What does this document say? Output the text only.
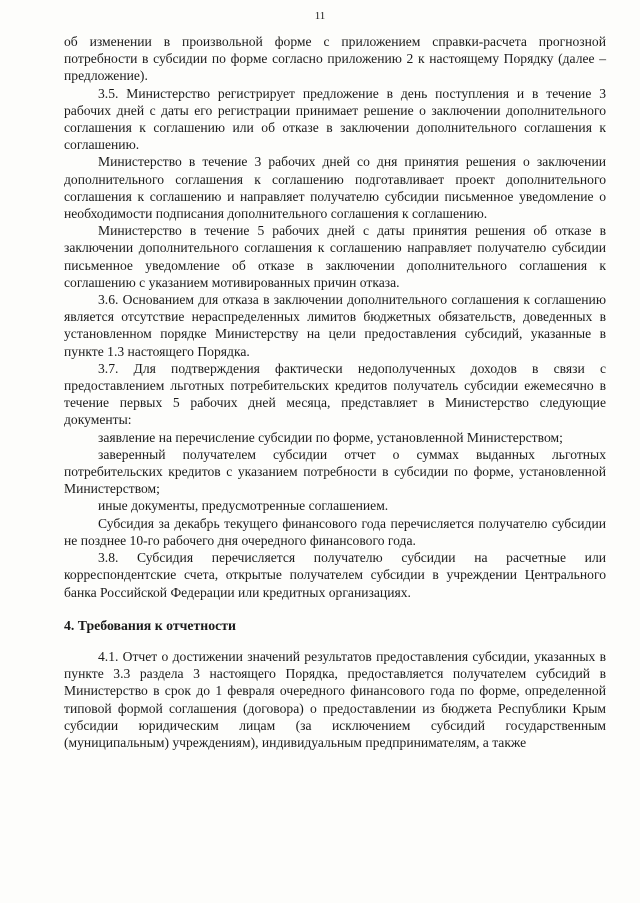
11

об изменении в произвольной форме с приложением справки-расчета прогнозной потребности в субсидии по форме согласно приложению 2 к настоящему Порядку (далее – предложение).

3.5. Министерство регистрирует предложение в день поступления и в течение 3 рабочих дней с даты его регистрации принимает решение о заключении дополнительного соглашения к соглашению или об отказе в заключении дополнительного соглашения к соглашению.

Министерство в течение 3 рабочих дней со дня принятия решения о заключении дополнительного соглашения к соглашению подготавливает проект дополнительного соглашения к соглашению и направляет получателю субсидии письменное уведомление о необходимости подписания дополнительного соглашения к соглашению.

Министерство в течение 5 рабочих дней с даты принятия решения об отказе в заключении дополнительного соглашения к соглашению направляет получателю субсидии письменное уведомление об отказе в заключении дополнительного соглашения к соглашению с указанием мотивированных причин отказа.

3.6. Основанием для отказа в заключении дополнительного соглашения к соглашению является отсутствие нераспределенных лимитов бюджетных обязательств, доведенных в установленном порядке Министерству на цели предоставления субсидий, указанные в пункте 1.3 настоящего Порядка.

3.7. Для подтверждения фактически недополученных доходов в связи с предоставлением льготных потребительских кредитов получатель субсидии ежемесячно в течение первых 5 рабочих дней месяца, представляет в Министерство следующие документы:

заявление на перечисление субсидии по форме, установленной Министерством;

заверенный получателем субсидии отчет о суммах выданных льготных потребительских кредитов с указанием потребности в субсидии по форме, установленной Министерством;

иные документы, предусмотренные соглашением.

Субсидия за декабрь текущего финансового года перечисляется получателю субсидии не позднее 10-го рабочего дня очередного финансового года.

3.8. Субсидия перечисляется получателю субсидии на расчетные или корреспондентские счета, открытые получателем субсидии в учреждении Центрального банка Российской Федерации или кредитных организациях.

4. Требования к отчетности

4.1. Отчет о достижении значений результатов предоставления субсидии, указанных в пункте 3.3 раздела 3 настоящего Порядка, предоставляется получателем субсидий в Министерство в срок до 1 февраля очередного финансового года по форме, определенной типовой формой соглашения (договора) о предоставлении из бюджета Республики Крым субсидии юридическим лицам (за исключением субсидий государственным (муниципальным) учреждениям), индивидуальным предпринимателям, а также
